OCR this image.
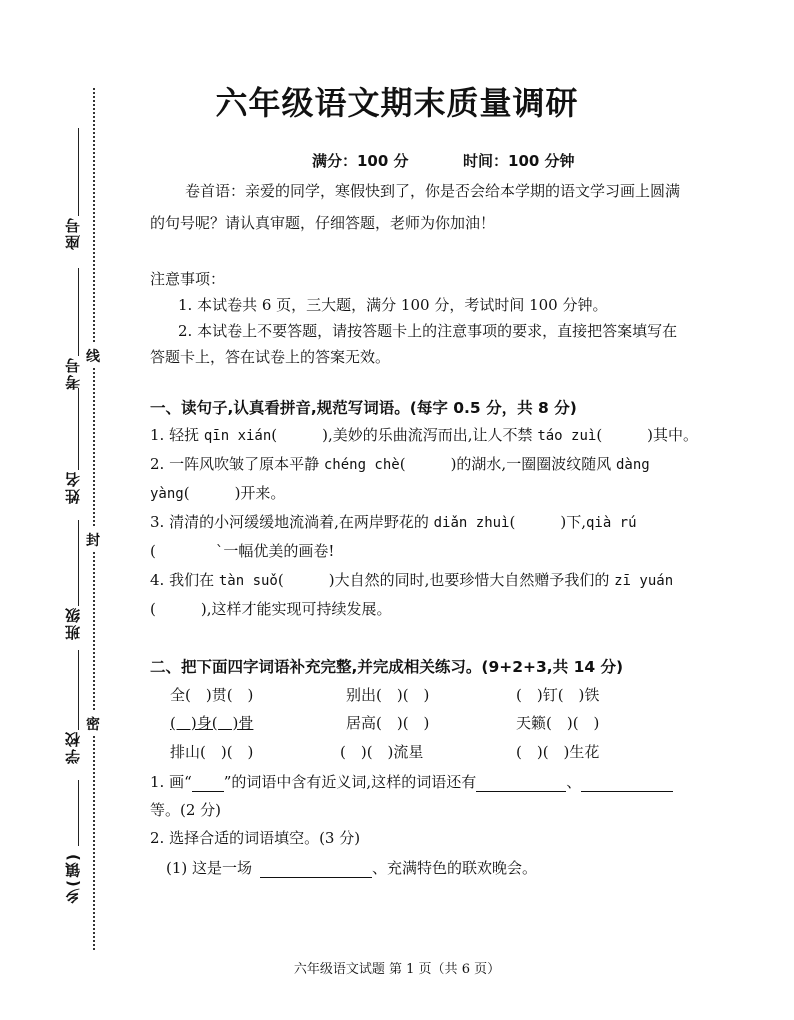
线
封
密
座号
考号
姓名
班级
学校
乡(镇)
六年级语文期末质量调研
满分：100 分	时间：100 分钟
卷首语：亲爱的同学，寒假快到了，你是否会给本学期的语文学习画上圆满
的句号呢？请认真审题，仔细答题，老师为你加油！
注意事项：
1. 本试卷共 6 页，三大题，满分 100 分，考试时间 100 分钟。
2. 本试卷上不要答题，请按答题卡上的注意事项的要求，直接把答案填写在
答题卡上，答在试卷上的答案无效。
一、读句子,认真看拼音,规范写词语。(每字 0.5 分，共 8 分)
1. 轻抚 qīn xián(　　　),美妙的乐曲流泻而出,让人不禁 táo zuì(　　　)其中。
2. 一阵风吹皱了原本平静 chéng chè(　　　)的湖水,一圈圈波纹随风 dàng
yàng(　　　)开来。
3. 清清的小河缓缓地流淌着,在两岸野花的 diǎn zhuì(　　　)下,qià rú
(　　　　`一幅优美的画卷!
4. 我们在 tàn suǒ(　　　)大自然的同时,也要珍惜大自然赠予我们的 zī yuán
(　　　),这样才能实现可持续发展。
二、把下面四字词语补充完整,并完成相关练习。(9+2+3,共 14 分)
全(　)贯(　)	别出(　)(　)	(　)钉(　)铁
(　)身(　)骨	居高(　)(　)	天籁(　)(　)
排山(　)(　)	(　)(　)流星	(　)(　)生花
1. 画“ ”的词语中含有近义词,这样的词语还有	、
等。(2 分)
2. 选择合适的词语填空。(3 分)
(1) 这是一场	、充满特色的联欢晚会。
六年级语文试题 第 1 页（共 6 页）
